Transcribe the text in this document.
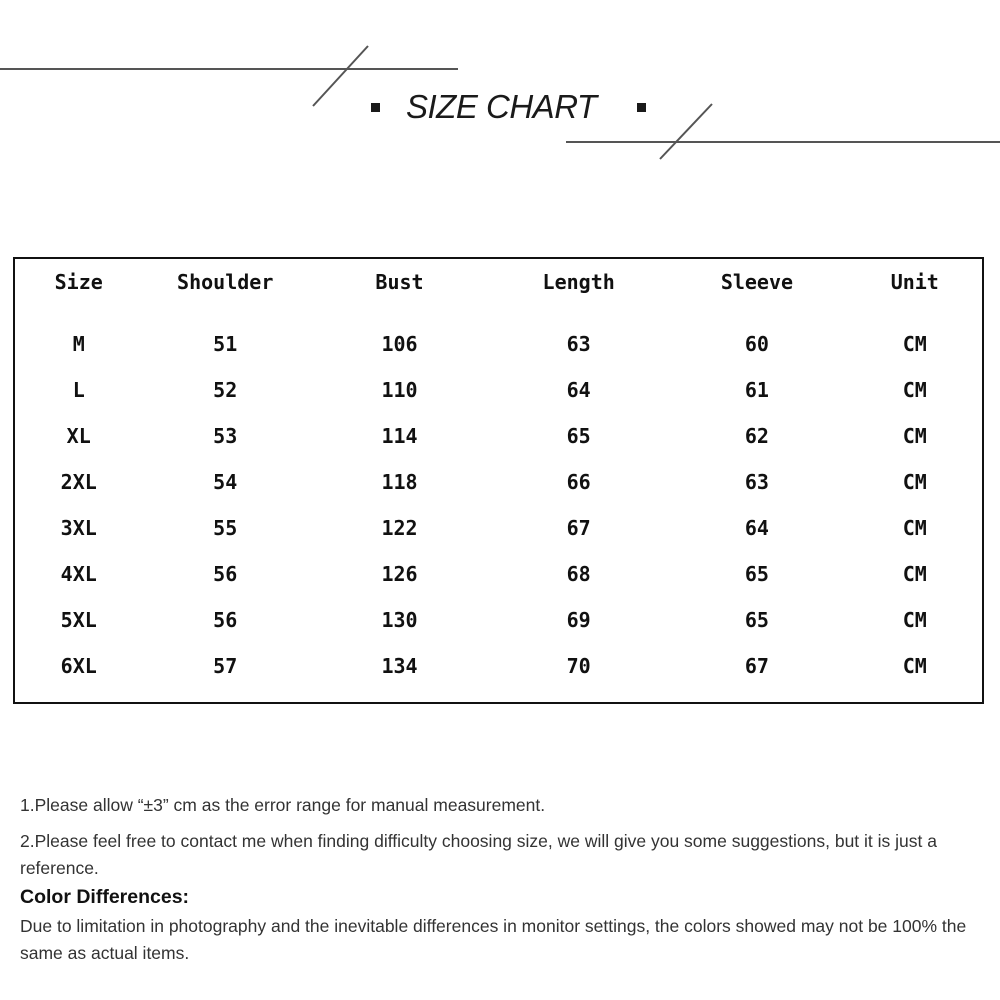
SIZE CHART
Size	Shoulder	Bust	Length	Sleeve	Unit

M	51	106	63	60	CM
L	52	110	64	61	CM
XL	53	114	65	62	CM
2XL	54	118	66	63	CM
3XL	55	122	67	64	CM
4XL	56	126	68	65	CM
5XL	56	130	69	65	CM
6XL	57	134	70	67	CM

1.Please allow “±3” cm as the error range for manual measurement.

2.Please feel free to contact me when finding difficulty choosing size, we will give you some suggestions, but it is just a reference.

Color Differences:

Due to limitation in photography and the inevitable differences in monitor settings, the colors showed may not be 100% the same as actual items.
